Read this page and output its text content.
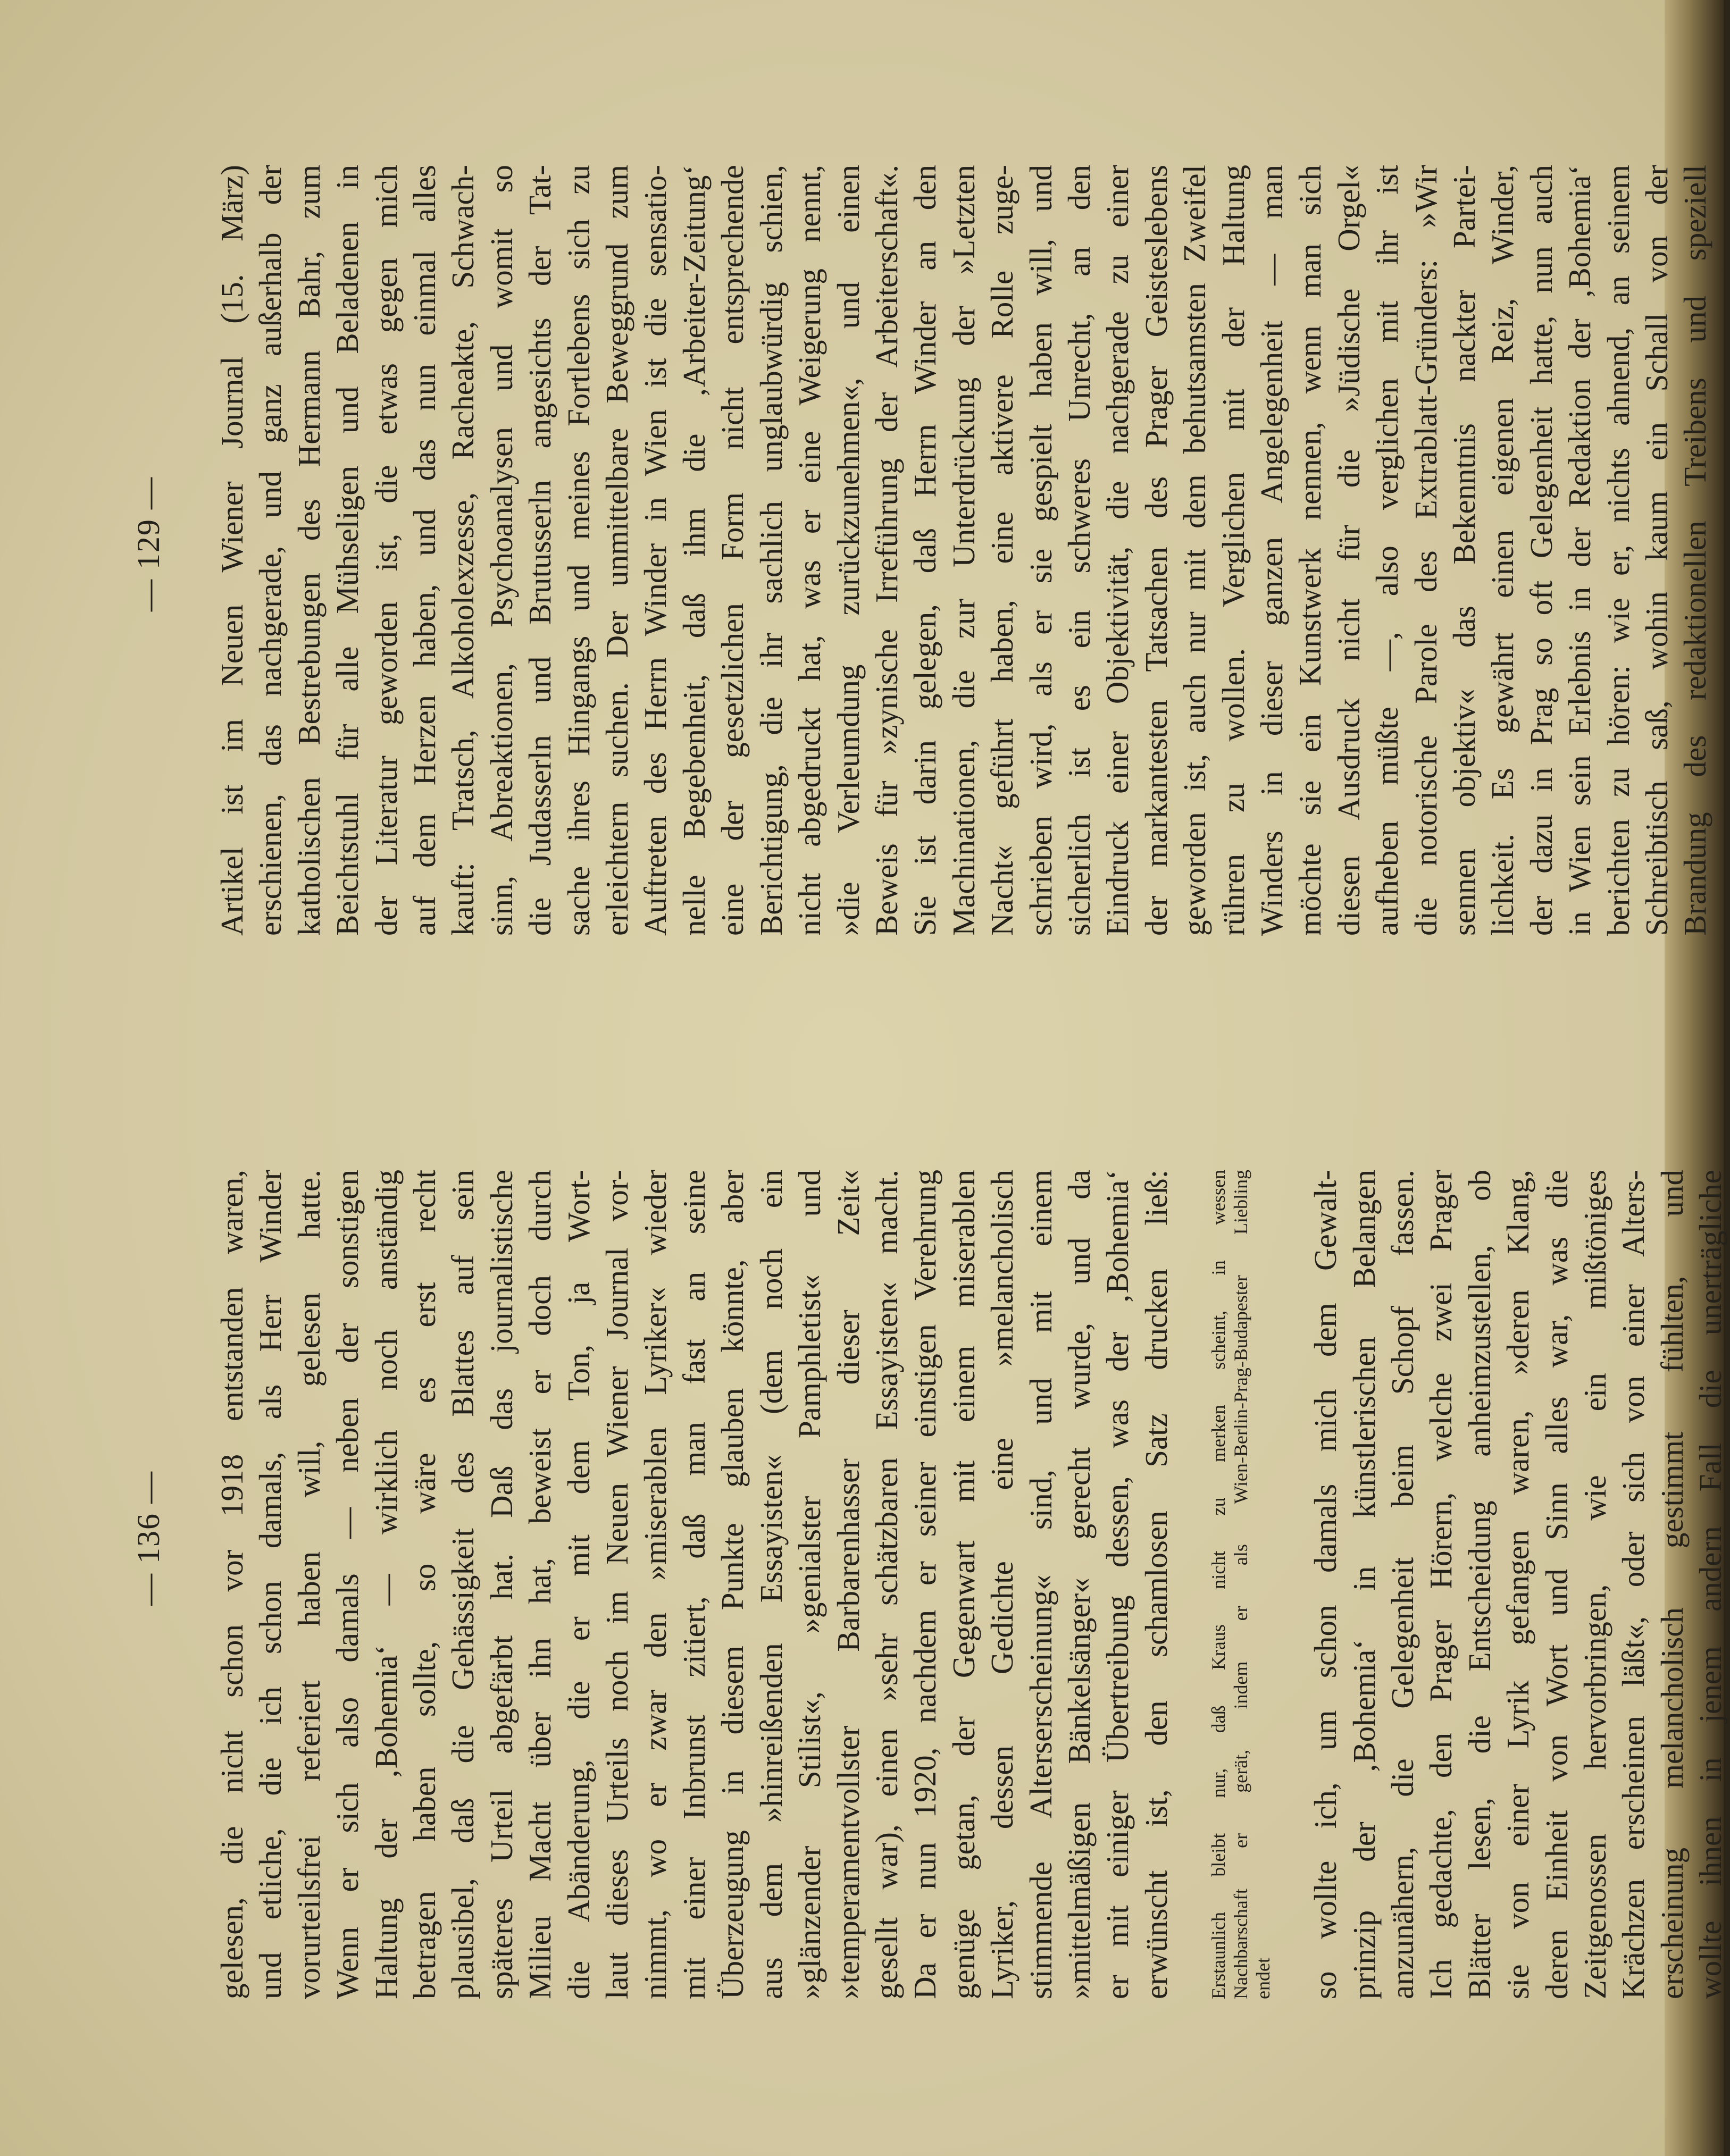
— 136 — gelesen, die nicht schon vor 1918 entstanden waren, und etliche, die ich schon damals, als Herr Winder vorurteilsfrei referiert haben will, gelesen hatte. Wenn er sich also damals — neben der sonstigen Haltung der ‚Bohemia‘ — wirklich noch anständig betragen haben sollte, so wäre es erst recht plausibel, daß die Gehässigkeit des Blattes auf sein späteres Urteil abgefärbt hat. Daß das journalistische Milieu Macht über ihn hat, beweist er doch durch die Abänderung, die er mit dem Ton, ja Wort- laut dieses Urteils noch im Neuen Wiener Journal vor- nimmt, wo er zwar den »miserablen Lyriker« wieder mit einer Inbrunst zitiert, daß man fast an seine Überzeugung in diesem Punkte glauben könnte, aber aus dem »hinreißenden Essayisten« (dem noch ein »glänzender Stilist«, »genialster Pamphletist« und »temperamentvollster Barbarenhasser dieser Zeit« gesellt war), einen »sehr schätzbaren Essayisten« macht. Da er nun 1920, nachdem er seiner einstigen Verehrung genüge getan, der Gegenwart mit einem miserablen Lyriker, dessen Gedichte eine »melancholisch stimmende Alterserscheinung« sind, und mit einem »mittelmäßigen Bänkelsänger« gerecht wurde, und da er mit einiger Übertreibung dessen, was der ‚Bohemia‘ erwünscht ist, den schamlosen Satz drucken ließ: Erstaunlich bleibt nur, daß Kraus nicht zu merken scheint, in wessen Nachbarschaft er gerät, indem er als Wien-Berlin-Prag-Budapester Liebling endet so wollte ich, um schon damals mich dem Gewalt- prinzip der ‚Bohemia‘ in künstlerischen Belangen anzunähern, die Gelegenheit beim Schopf fassen. Ich gedachte, den Prager Hörern, welche zwei Prager Blätter lesen, die Entscheidung anheimzustellen, ob sie von einer Lyrik gefangen waren, »deren Klang, deren Einheit von Wort und Sinn alles war, was die Zeitgenossen hervorbringen, wie ein mißtöniges Krächzen erscheinen läßt«, oder sich von einer Alters- erscheinung melancholisch gestimmt fühlten, und wollte ihnen in jenem andern Fall die unerträgliche
— 129 — Artikel ist im Neuen Wiener Journal (15. März) erschienen, das nachgerade, und ganz außerhalb der katholischen Bestrebungen des Hermann Bahr, zum Beichtstuhl für alle Mühseligen und Beladenen in der Literatur geworden ist, die etwas gegen mich auf dem Herzen haben, und das nun einmal alles kauft: Tratsch, Alkoholexzesse, Racheakte, Schwach- sinn, Abreaktionen, Psychoanalysen und womit so die Judasserln und Brutusserln angesichts der Tat- sache ihres Hingangs und meines Fortlebens sich zu erleichtern suchen. Der unmittelbare Beweggrund zum Auftreten des Herrn Winder in Wien ist die sensatio- nelle Begebenheit, daß ihm die ‚Arbeiter-Zeitung‘ eine der gesetzlichen Form nicht entsprechende Berichtigung, die ihr sachlich unglaubwürdig schien, nicht abgedruckt hat, was er eine Weigerung nennt, »die Verleumdung zurückzunehmen«, und einen Beweis für »zynische Irreführung der Arbeiterschaft«. Sie ist darin gelegen, daß Herrn Winder an den Machinationen, die zur Unterdrückung der »Letzten Nacht« geführt haben, eine aktivere Rolle zuge- schrieben wird, als er sie gespielt haben will, und sicherlich ist es ein schweres Unrecht, an den Eindruck einer Objektivität, die nachgerade zu einer der markantesten Tatsachen des Prager Geisteslebens geworden ist, auch nur mit dem behutsamsten Zweifel rühren zu wollen. Verglichen mit der Haltung Winders in dieser ganzen Angelegenheit — man möchte sie ein Kunstwerk nennen, wenn man sich diesen Ausdruck nicht für die »Jüdische Orgel« aufheben müßte —, also verglichen mit ihr ist die notorische Parole des Extrablatt-Gründers: »Wir sennen objektiv« das Bekenntnis nackter Partei- lichkeit. Es gewährt einen eigenen Reiz, Winder, der dazu in Prag so oft Gelegenheit hatte, nun auch in Wien sein Erlebnis in der Redaktion der ‚Bohemia‘ berichten zu hören: wie er, nichts ahnend, an seinem Schreibtisch saß, wohin kaum ein Schall von der Brandung des redaktionellen Treibens und speziell
